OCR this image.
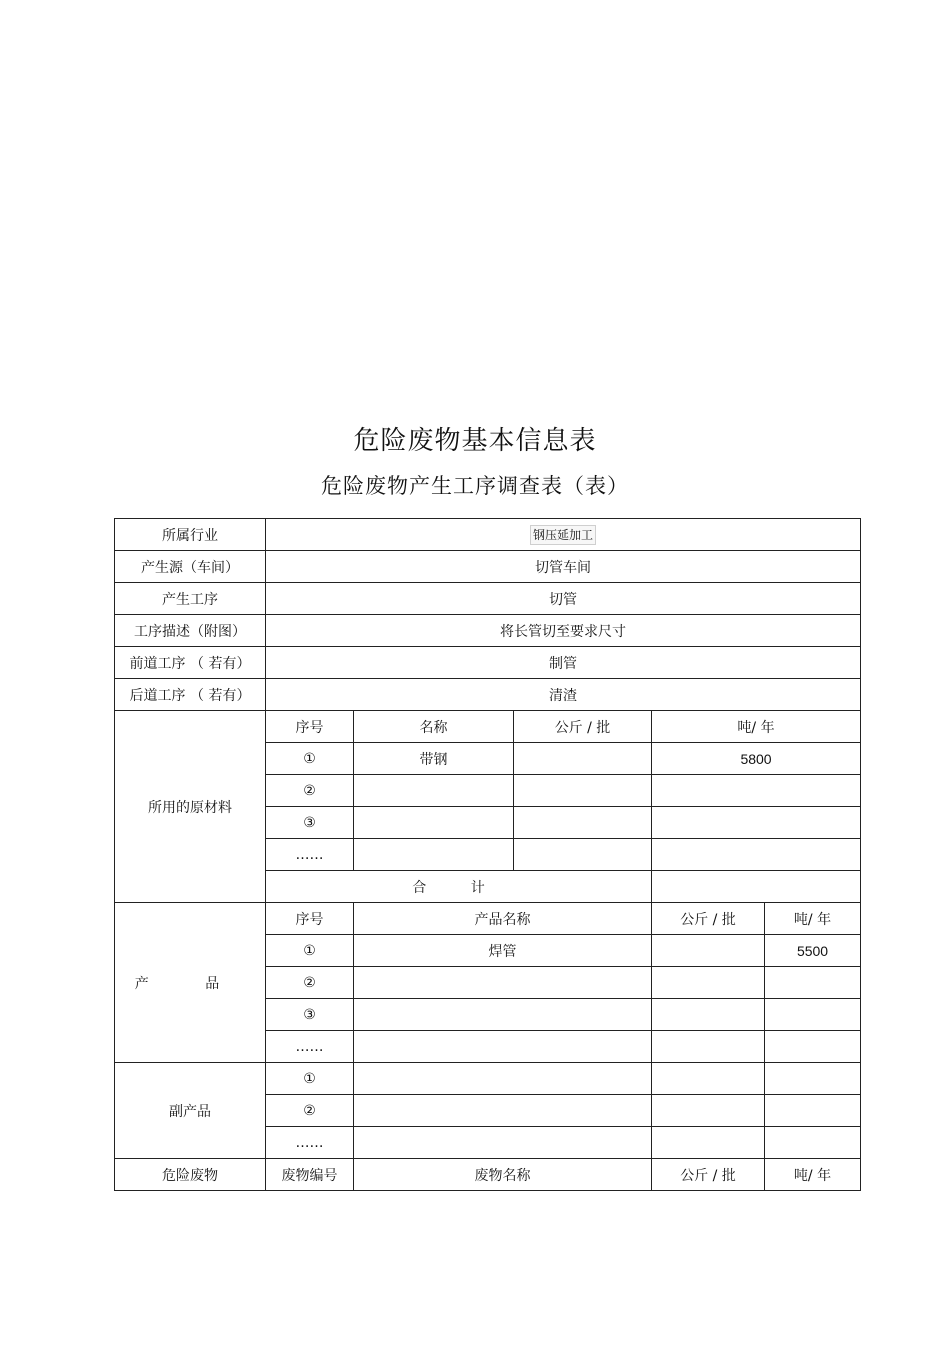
危险废物基本信息表
危险废物产生工序调查表（表）
所属行业	钢压延加工				
产生源（车间）	切管车间				
产生工序	切管				
工序描述（附图）	将长管切至要求尺寸				
前道工序 （ 若有）	制管				
后道工序 （ 若有）	清渣				
所用的原材料	序号	名称	公斤 / 批	吨/ 年	
	①	带钢		5800	
	②				
	③				
	……				
	合 计				
产 品	序号	产品名称		公斤 / 批	吨/ 年
	①	焊管			5500
	②				
	③				
	……				
副产品	①				
	②				
	……				
危险废物	废物编号	废物名称		公斤 / 批	吨/ 年
